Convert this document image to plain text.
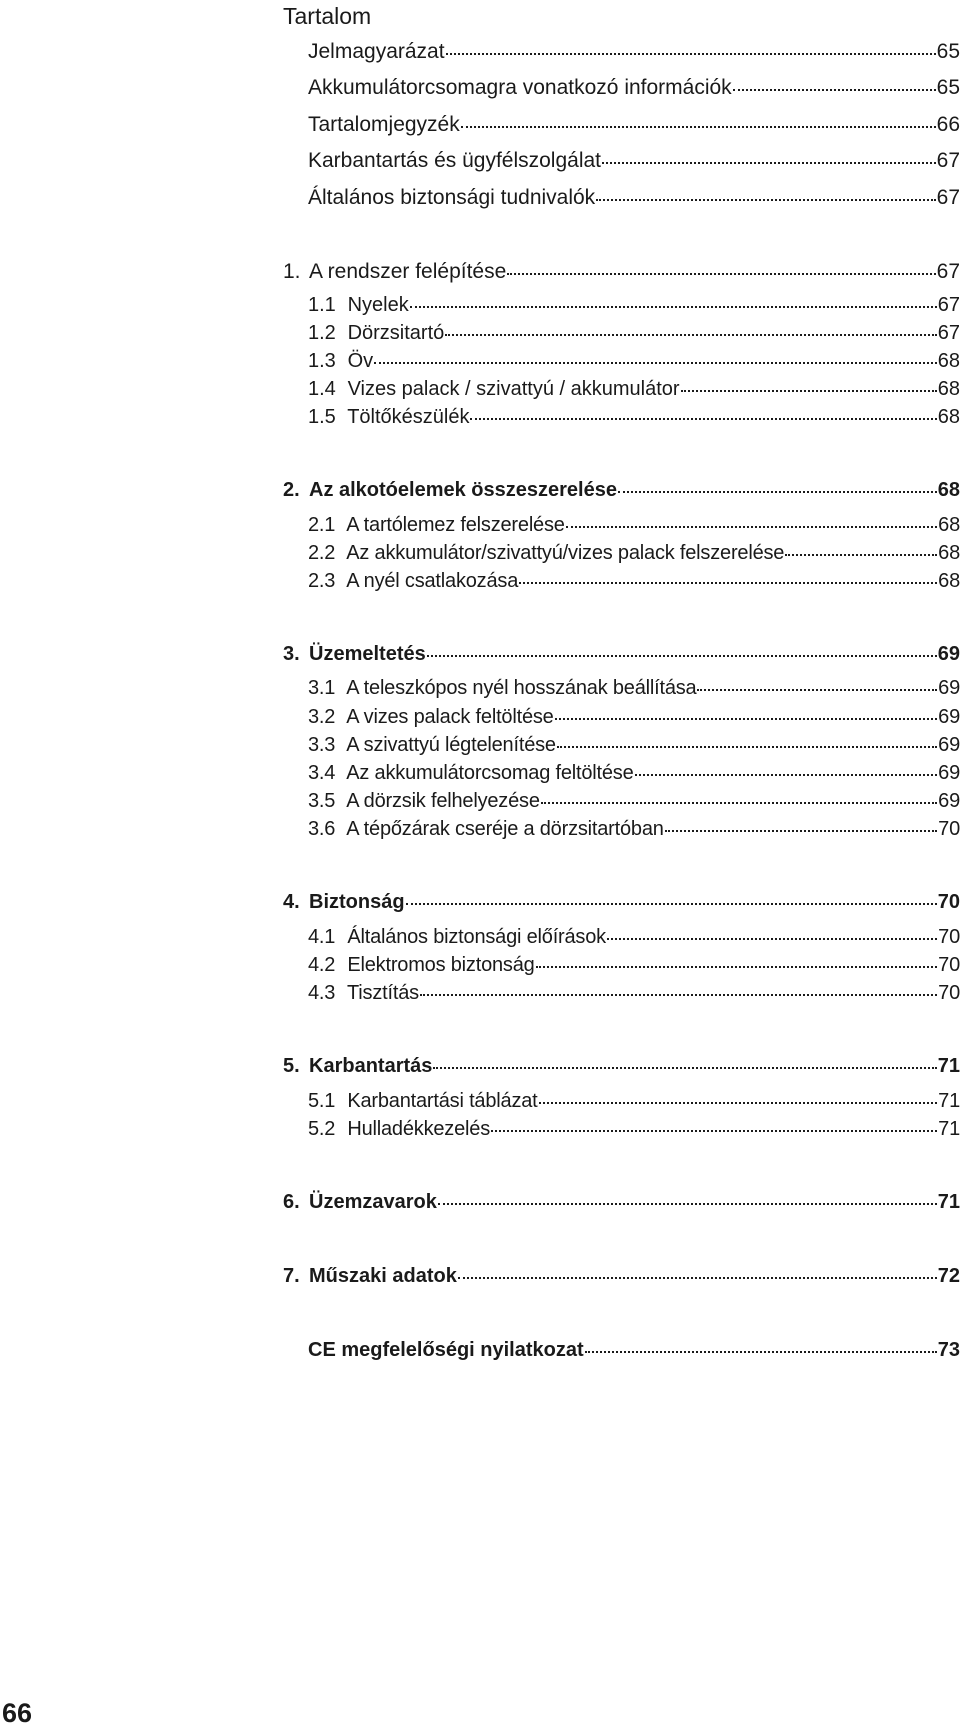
Tartalom
Jelmagyarázat	65
Akkumulátorcsomagra vonatkozó információk	65
Tartalomjegyzék	66
Karbantartás és ügyfélszolgálat	67
Általános biztonsági tudnivalók	67
1. A rendszer felépítése	67
1.1 Nyelek	67
1.2 Dörzsitartó	67
1.3 Öv	68
1.4 Vizes palack / szivattyú / akkumulátor	68
1.5 Töltőkészülék	68
2. Az alkotóelemek összeszerelése	68
2.1 A tartólemez felszerelése	68
2.2 Az akkumulátor/szivattyú/vizes palack felszerelése	68
2.3 A nyél csatlakozása	68
3. Üzemeltetés	69
3.1 A teleszkópos nyél hosszának beállítása	69
3.2 A vizes palack feltöltése	69
3.3 A szivattyú légtelenítése	69
3.4 Az akkumulátorcsomag feltöltése	69
3.5 A dörzsik felhelyezése	69
3.6 A tépőzárak cseréje a dörzsitartóban	70
4. Biztonság	70
4.1 Általános biztonsági előírások	70
4.2 Elektromos biztonság	70
4.3 Tisztítás	70
5. Karbantartás	71
5.1 Karbantartási táblázat	71
5.2 Hulladékkezelés	71
6. Üzemzavarok	71
7. Műszaki adatok	72
CE megfelelőségi nyilatkozat	73
66
